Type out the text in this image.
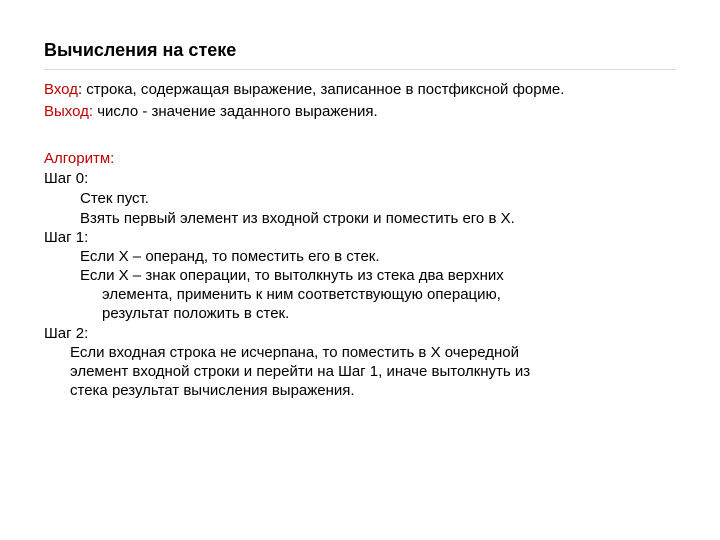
Вычисления на стеке
Вход: строка, содержащая выражение, записанное в постфиксной форме.
Выход: число - значение заданного выражения.
Алгоритм:
Шаг 0:
Стек пуст.
Взять первый элемент из входной строки и поместить его в X.
Шаг 1:
Если X – операнд, то поместить его в стек.
Если X – знак операции, то вытолкнуть из стека два верхних
элемента, применить к ним соответствующую операцию,
результат положить в стек.
Шаг 2:
Если входная строка не исчерпана, то поместить в X очередной
элемент входной строки и перейти на Шаг 1, иначе вытолкнуть из
стека результат вычисления выражения.
